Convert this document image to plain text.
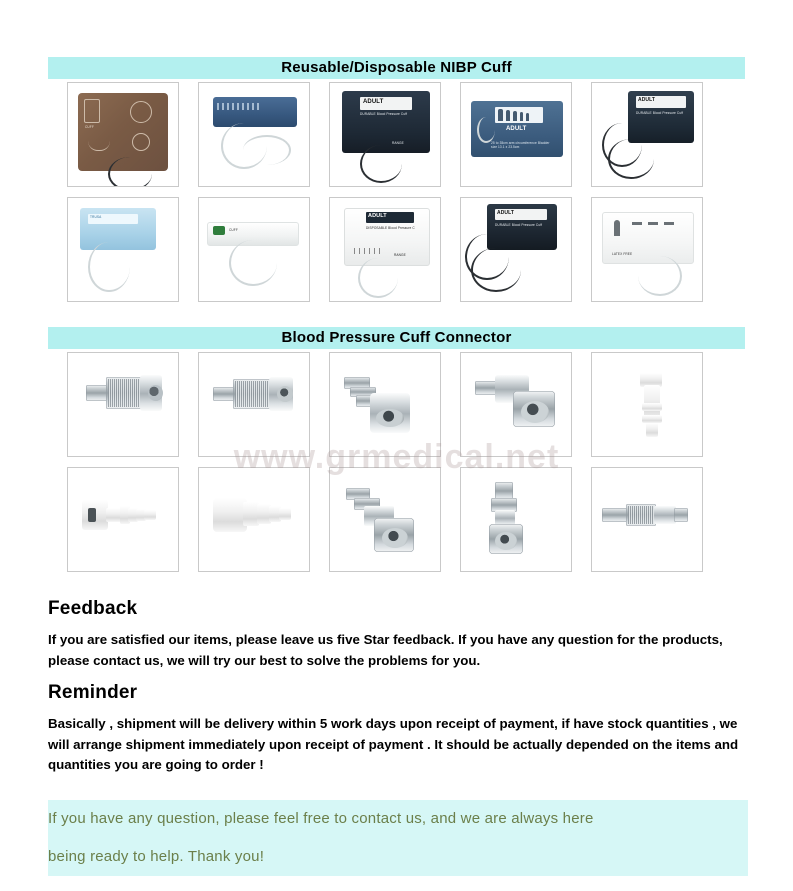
Reusable/Disposable NIBP Cuff
CUFF
ADULT
DURABLE Blood Pressure Cuff
RANGE
ADULT
25 to 35cm arm circumference Bladder size 13.1 x 23.5cm
ADULT
DURABLE Blood Pressure Cuff
TRUSA
CUFF
ADULT
DISPOSABLE Blood Pressure C
RANGE
ADULT
DURABLE Blood Pressure Cuff
LATEX FREE
Blood Pressure Cuff Connector
www.grmedical.net
Feedback

If you are satisfied our items, please leave us five Star feedback. If you have any question for the products, please contact us, we will try our best to solve the problems for you.

Reminder

Basically , shipment will be delivery within 5 work days upon receipt of payment, if have stock quantities , we will arrange shipment immediately upon receipt of payment . It should be actually depended on the items and quantities you are going to order !

If you have any question, please feel free to contact us, and we are always here
being ready to help. Thank you!
